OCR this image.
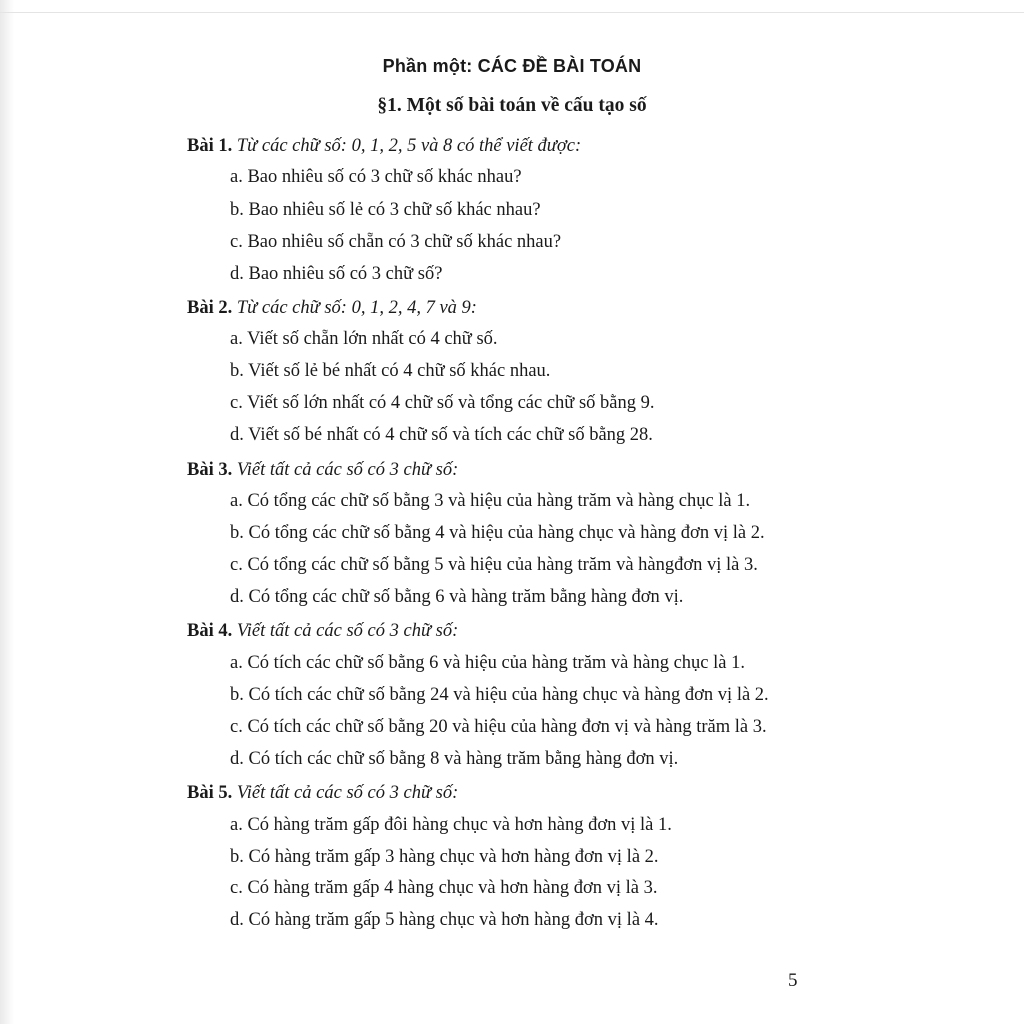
Phần một: CÁC ĐỀ BÀI TOÁN
§1. Một số bài toán về cấu tạo số
Bài 1. Từ các chữ số: 0, 1, 2, 5 và 8 có thể viết được:
a. Bao nhiêu số có 3 chữ số khác nhau?
b. Bao nhiêu số lẻ có 3 chữ số khác nhau?
c. Bao nhiêu số chẵn có 3 chữ số khác nhau?
d. Bao nhiêu số có 3 chữ số?
Bài 2. Từ các chữ số: 0, 1, 2, 4, 7 và 9:
a. Viết số chẵn lớn nhất có 4 chữ số.
b. Viết số lẻ bé nhất có 4 chữ số khác nhau.
c. Viết số lớn nhất có 4 chữ số và tổng các chữ số bằng 9.
d. Viết số bé nhất có 4 chữ số và tích các chữ số bằng 28.
Bài 3. Viết tất cả các số có 3 chữ số:
a. Có tổng các chữ số bằng 3 và hiệu của hàng trăm và hàng chục là 1.
b. Có tổng các chữ số bằng 4 và hiệu của hàng chục và hàng đơn vị là 2.
c. Có tổng các chữ số bằng 5 và hiệu của hàng trăm và hàngđơn vị là 3.
d. Có tổng các chữ số bằng 6 và hàng trăm bằng hàng đơn vị.
Bài 4. Viết tất cả các số có 3 chữ số:
a. Có tích các chữ số bằng 6 và hiệu của hàng trăm và hàng chục là 1.
b. Có tích các chữ số bằng 24 và hiệu của hàng chục và hàng đơn vị là 2.
c. Có tích các chữ số bằng 20 và hiệu của hàng đơn vị và hàng trăm là 3.
d. Có tích các chữ số bằng 8 và hàng trăm bằng hàng đơn vị.
Bài 5. Viết tất cả các số có 3 chữ số:
a. Có hàng trăm gấp đôi hàng chục và hơn hàng đơn vị là 1.
b. Có hàng trăm gấp 3 hàng chục và hơn hàng đơn vị là 2.
c. Có hàng trăm gấp 4 hàng chục và hơn hàng đơn vị là 3.
d. Có hàng trăm gấp 5 hàng chục và hơn hàng đơn vị là 4.
5
